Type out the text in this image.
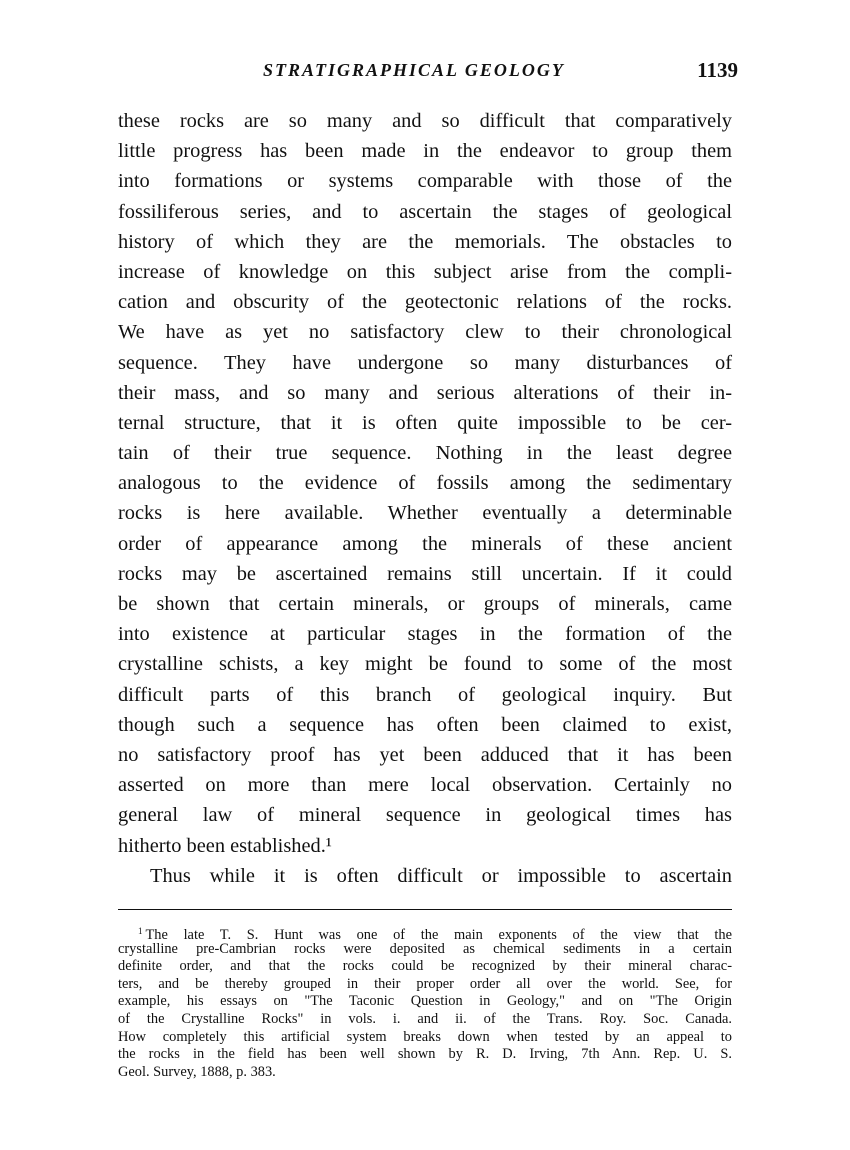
STRATIGRAPHICAL GEOLOGY	1139
these rocks are so many and so difficult that comparatively
little progress has been made in the endeavor to group them
into formations or systems comparable with those of the
fossiliferous series, and to ascertain the stages of geological
history of which they are the memorials. The obstacles to
increase of knowledge on this subject arise from the compli-
cation and obscurity of the geotectonic relations of the rocks.
We have as yet no satisfactory clew to their chronological
sequence. They have undergone so many disturbances of
their mass, and so many and serious alterations of their in-
ternal structure, that it is often quite impossible to be cer-
tain of their true sequence. Nothing in the least degree
analogous to the evidence of fossils among the sedimentary
rocks is here available. Whether eventually a determinable
order of appearance among the minerals of these ancient
rocks may be ascertained remains still uncertain. If it could
be shown that certain minerals, or groups of minerals, came
into existence at particular stages in the formation of the
crystalline schists, a key might be found to some of the most
difficult parts of this branch of geological inquiry. But
though such a sequence has often been claimed to exist,
no satisfactory proof has yet been adduced that it has been
asserted on more than mere local observation. Certainly no
general law of mineral sequence in geological times has
hitherto been established.¹
Thus while it is often difficult or impossible to ascertain
$^1$ The late T. S. Hunt was one of the main exponents of the view that the
crystalline pre-Cambrian rocks were deposited as chemical sediments in a certain
definite order, and that the rocks could be recognized by their mineral charac-
ters, and be thereby grouped in their proper order all over the world. See, for
example, his essays on "The Taconic Question in Geology," and on "The Origin
of the Crystalline Rocks" in vols. i. and ii. of the Trans. Roy. Soc. Canada.
How completely this artificial system breaks down when tested by an appeal to
the rocks in the field has been well shown by R. D. Irving, 7th Ann. Rep. U. S.
Geol. Survey, 1888, p. 383.
